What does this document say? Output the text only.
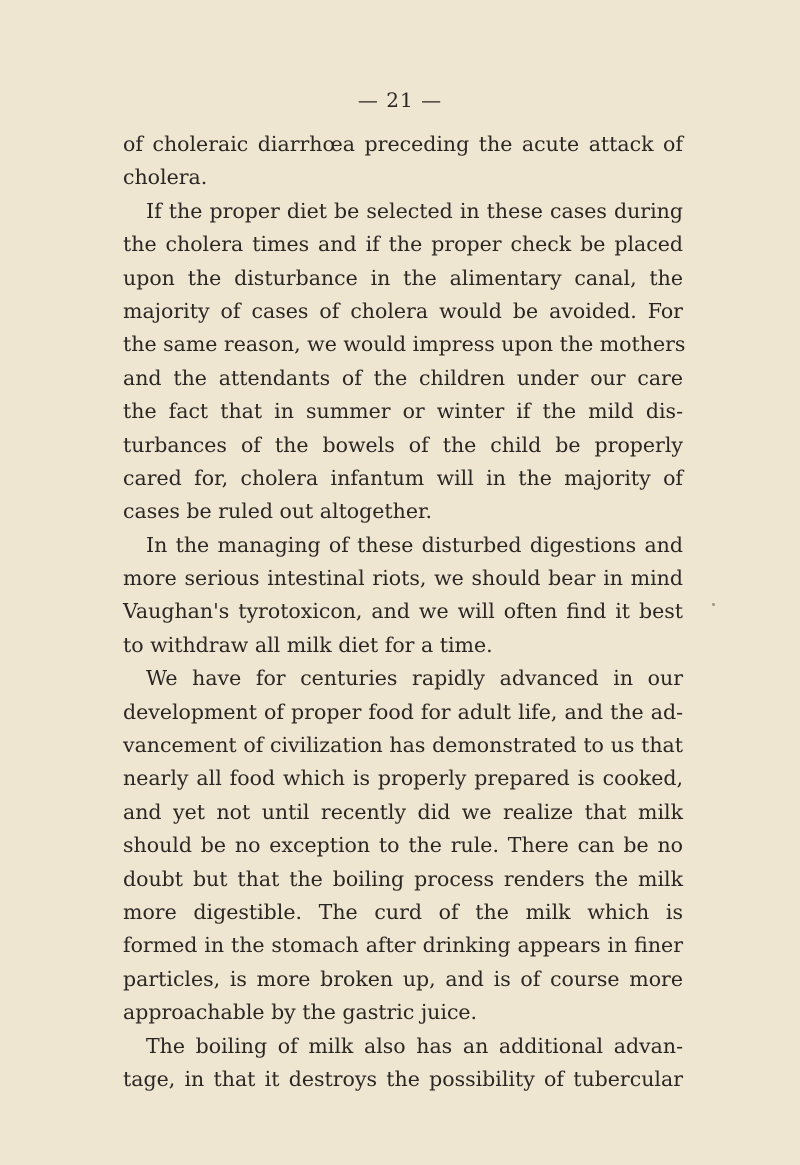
— 21 —
of choleraic diarrhœa preceding the acute attack of
cholera.
If the proper diet be selected in these cases during
the cholera times and if the proper check be placed
upon the disturbance in the alimentary canal, the
majority of cases of cholera would be avoided. For
the same reason, we would impress upon the mothers
and the attendants of the children under our care
the fact that in summer or winter if the mild dis-
turbances of the bowels of the child be properly
cared for, cholera infantum will in the majority of
cases be ruled out altogether.
In the managing of these disturbed digestions and
more serious intestinal riots, we should bear in mind
Vaughan's tyrotoxicon, and we will often find it best
to withdraw all milk diet for a time.
We have for centuries rapidly advanced in our
development of proper food for adult life, and the ad-
vancement of civilization has demonstrated to us that
nearly all food which is properly prepared is cooked,
and yet not until recently did we realize that milk
should be no exception to the rule. There can be no
doubt but that the boiling process renders the milk
more digestible. The curd of the milk which is
formed in the stomach after drinking appears in finer
particles, is more broken up, and is of course more
approachable by the gastric juice.
The boiling of milk also has an additional advan-
tage, in that it destroys the possibility of tubercular
